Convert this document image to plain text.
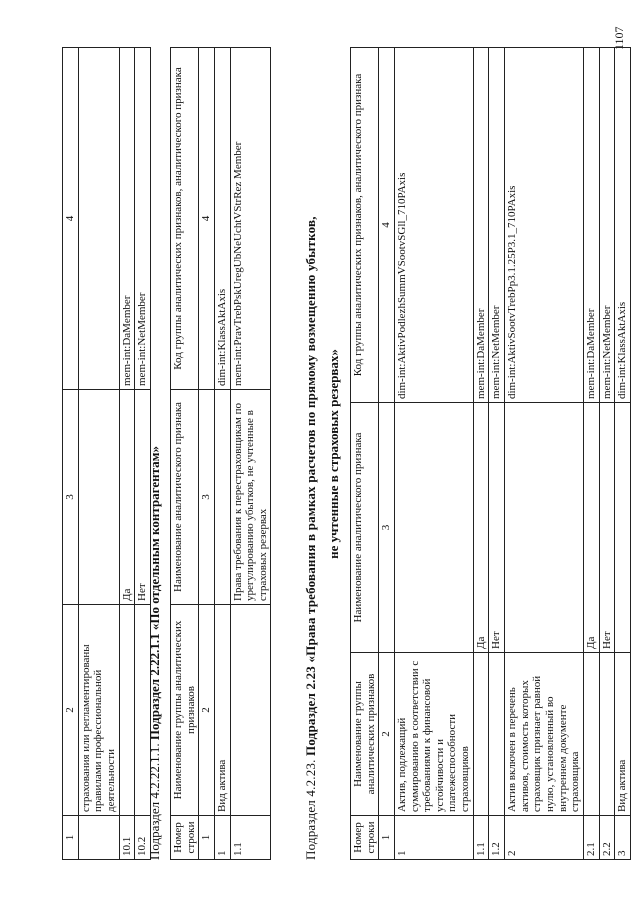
1107
1	2	3	4
	страхования или регламентированы правилами профессиональной деятельности		
10.1		Да	mem-int:DaMember
10.2		Нет	mem-int:NetMember
Подраздел 4.2.22.1.1. Подраздел 2.22.1.1 «По отдельным контрагентам»
Номер строки	Наименование группы аналитических признаков	Наименование аналитического признака	Код группы аналитических признаков, аналитического признака
1	2	3	4
1	Вид актива		dim-int:KlassAktAxis
1.1		Права требования к перестраховщикам по урегулированию убытков, не учтенные в страховых резервах	mem-int:PravTrebPskUregUbNeUchtVStrRez Member
Подраздел 4.2.23. Подраздел 2.23 «Права требования в рамках расчетов по прямому возмещению убытков, не учтенные в страховых резервах»
Номер строки	Наименование группы аналитических признаков	Наименование аналитического признака	Код группы аналитических признаков, аналитического признака
1	2	3	4
1	Актив, подлежащий суммированию в соответствии с требованиями к финансовой устойчивости и платежеспособности страховщиков		dim-int:AktivPodlezhSummVSootvSGll_710PAxis
1.1		Да	mem-int:DaMember
1.2		Нет	mem-int:NetMember
2	Актив включен в перечень активов, стоимость которых страховщик признает равной нулю, установленный во внутреннем документе страховщика		dim-int:AktivSootvTrebPp3.1.25P3.1_710PAxis
2.1		Да	mem-int:DaMember
2.2		Нет	mem-int:NetMember
3	Вид актива		dim-int:KlassAktAxis
